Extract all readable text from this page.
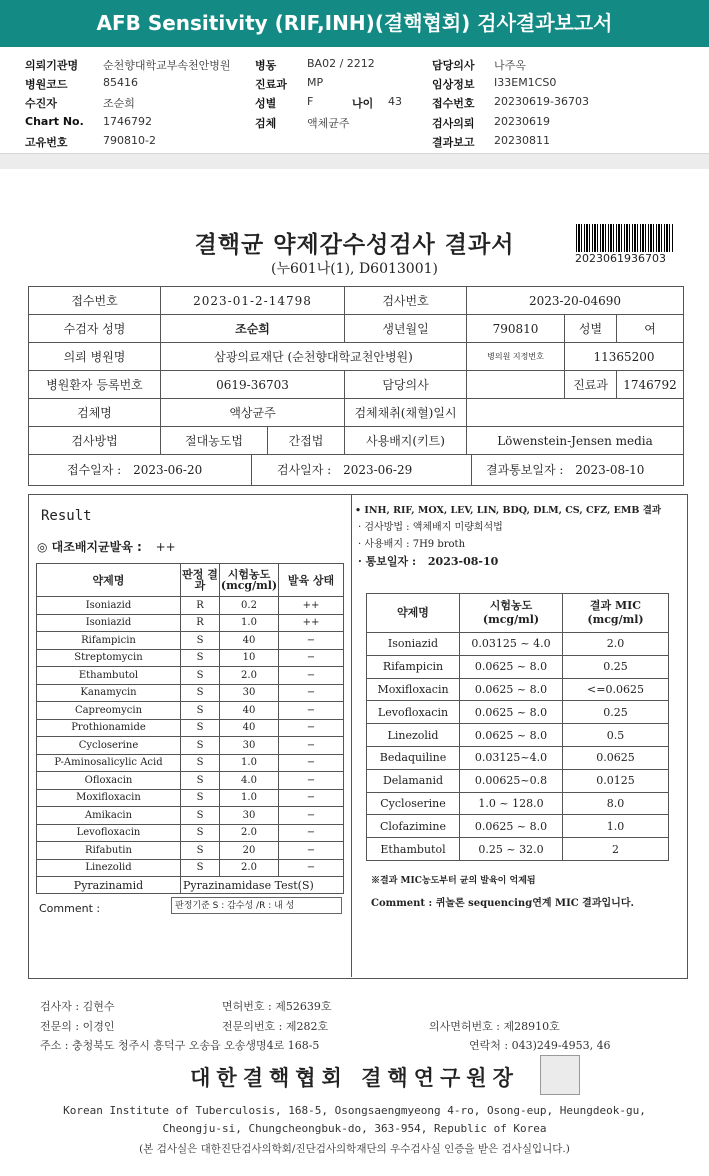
AFB Sensitivity (RIF,INH)(결핵협회) 검사결과보고서
의뢰기관명 순천향대학교부속천안병원
병원코드	85416
수진자	조순희
Chart No. 1746792
고유번호	790810-2
병동	BA02 / 2212
진료과 MP
성별	F	나이 43
검체	액체균주
담당의사 나주옥
임상정보 I33EM1CS0
접수번호 20230619-36703
검사의뢰 20230619
결과보고 20230811
결핵균 약제감수성검사 결과서
(누601나(1), D6013001)
2023061936703
접수번호	2023-01-2-14798		검사번호	2023-20-04690		
수검자 성명	조순희		생년월일	790810	성별	여
의뢰 병원명	삼광의료재단 (순천향대학교천안병원)			병의원 지정번호	11365200	
병원환자 등록번호	0619-36703		담당의사		진료과	1746792
검체명	액상균주		검체채취(채혈)일시			
검사방법	절대농도법	간접법	사용배지(키트)	Löwenstein-Jensen media		
접수일자 : 2023-06-20 검사일자 : 2023-06-29 결과통보일자 : 2023-08-10						
Result
◎ 대조배지균발육 : ++
약제명	판정 결과	시험농도 (mcg/ml)	발육 상태
Isoniazid	R	0.2	++
Isoniazid	R	1.0	++
Rifampicin	S	40	−
Streptomycin	S	10	−
Ethambutol	S	2.0	−
Kanamycin	S	30	−
Capreomycin	S	40	−
Prothionamide	S	40	−
Cycloserine	S	30	−
P-Aminosalicylic Acid	S	1.0	−
Ofloxacin	S	4.0	−
Moxifloxacin	S	1.0	−
Amikacin	S	30	−
Levofloxacin	S	2.0	−
Rifabutin	S	20	−
Linezolid	S	2.0	−
Pyrazinamid	Pyrazinamidase Test(S)		
Comment :	판정기준 S : 감수성 /R : 내 성
• INH, RIF, MOX, LEV, LIN, BDQ, DLM, CS, CFZ, EMB 결과
· 검사방법 : 액체배지 미량희석법
· 사용배지 : 7H9 broth
· 통보일자 : 2023-08-10
약제명	시험농도 (mcg/ml)	결과 MIC (mcg/ml)
Isoniazid	0.03125 ~ 4.0	2.0
Rifampicin	0.0625 ~ 8.0	0.25
Moxifloxacin	0.0625 ~ 8.0	<=0.0625
Levofloxacin	0.0625 ~ 8.0	0.25
Linezolid	0.0625 ~ 8.0	0.5
Bedaquiline	0.03125~4.0	0.0625
Delamanid	0.00625~0.8	0.0125
Cycloserine	1.0 ~ 128.0	8.0
Clofazimine	0.0625 ~ 8.0	1.0
Ethambutol	0.25 ~ 32.0	2
※결과 MIC농도부터 균의 발육이 억제됨
Comment : 퀴놀론 sequencing연계 MIC 결과입니다.
검사자 : 김현수	면허번호 : 제52639호
전문의 : 이경인	전문의번호 : 제282호	의사면허번호 : 제28910호
주소 : 충청북도 청주시 흥덕구 오송읍 오송생명4로 168-5	연락처 : 043)249-4953, 46
대한결핵협회 결핵연구원장
Korean Institute of Tuberculosis, 168-5, Osongsaengmyeong 4-ro, Osong-eup, Heungdeok-gu,
Cheongju-si, Chungcheongbuk-do, 363-954, Republic of Korea
(본 검사실은 대한진단검사의학회/진단검사의학재단의 우수검사실 인증을 받은 검사실입니다.)
